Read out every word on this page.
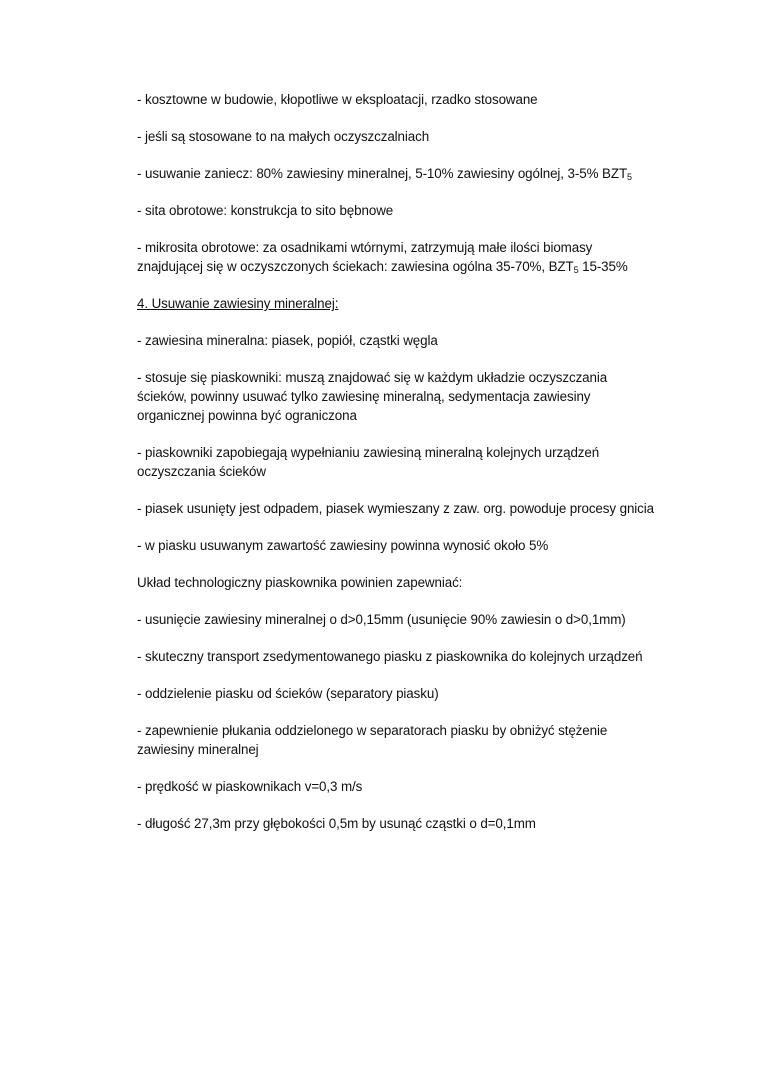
- kosztowne w budowie, kłopotliwe w eksploatacji, rzadko stosowane

- jeśli są stosowane to na małych oczyszczalniach

- usuwanie zaniecz: 80% zawiesiny mineralnej, 5-10% zawiesiny ogólnej, 3-5% $BZT_5$

- sita obrotowe: konstrukcja to sito bębnowe

- mikrosita obrotowe: za osadnikami wtórnymi, zatrzymują małe ilości biomasy znajdującej się w oczyszczonych ściekach: zawiesina ogólna 35-70%, $BZT_5$ 15-35%

4. Usuwanie zawiesiny mineralnej:

- zawiesina mineralna: piasek, popiół, cząstki węgla

- stosuje się piaskowniki: muszą znajdować się w każdym układzie oczyszczania ścieków, powinny usuwać tylko zawiesinę mineralną, sedymentacja zawiesiny organicznej powinna być ograniczona

- piaskowniki zapobiegają wypełnianiu zawiesiną mineralną kolejnych urządzeń oczyszczania ścieków

- piasek usunięty jest odpadem, piasek wymieszany z zaw. org. powoduje procesy gnicia

- w piasku usuwanym zawartość zawiesiny powinna wynosić około 5%

Układ technologiczny piaskownika powinien zapewniać:

- usunięcie zawiesiny mineralnej o d>0,15mm (usunięcie 90% zawiesin o d>0,1mm)

- skuteczny transport zsedymentowanego piasku z piaskownika do kolejnych urządzeń

- oddzielenie piasku od ścieków (separatory piasku)

- zapewnienie płukania oddzielonego w separatorach piasku by obniżyć stężenie zawiesiny mineralnej

- prędkość w piaskownikach v=0,3 m/s

- długość 27,3m przy głębokości 0,5m by usunąć cząstki o d=0,1mm
